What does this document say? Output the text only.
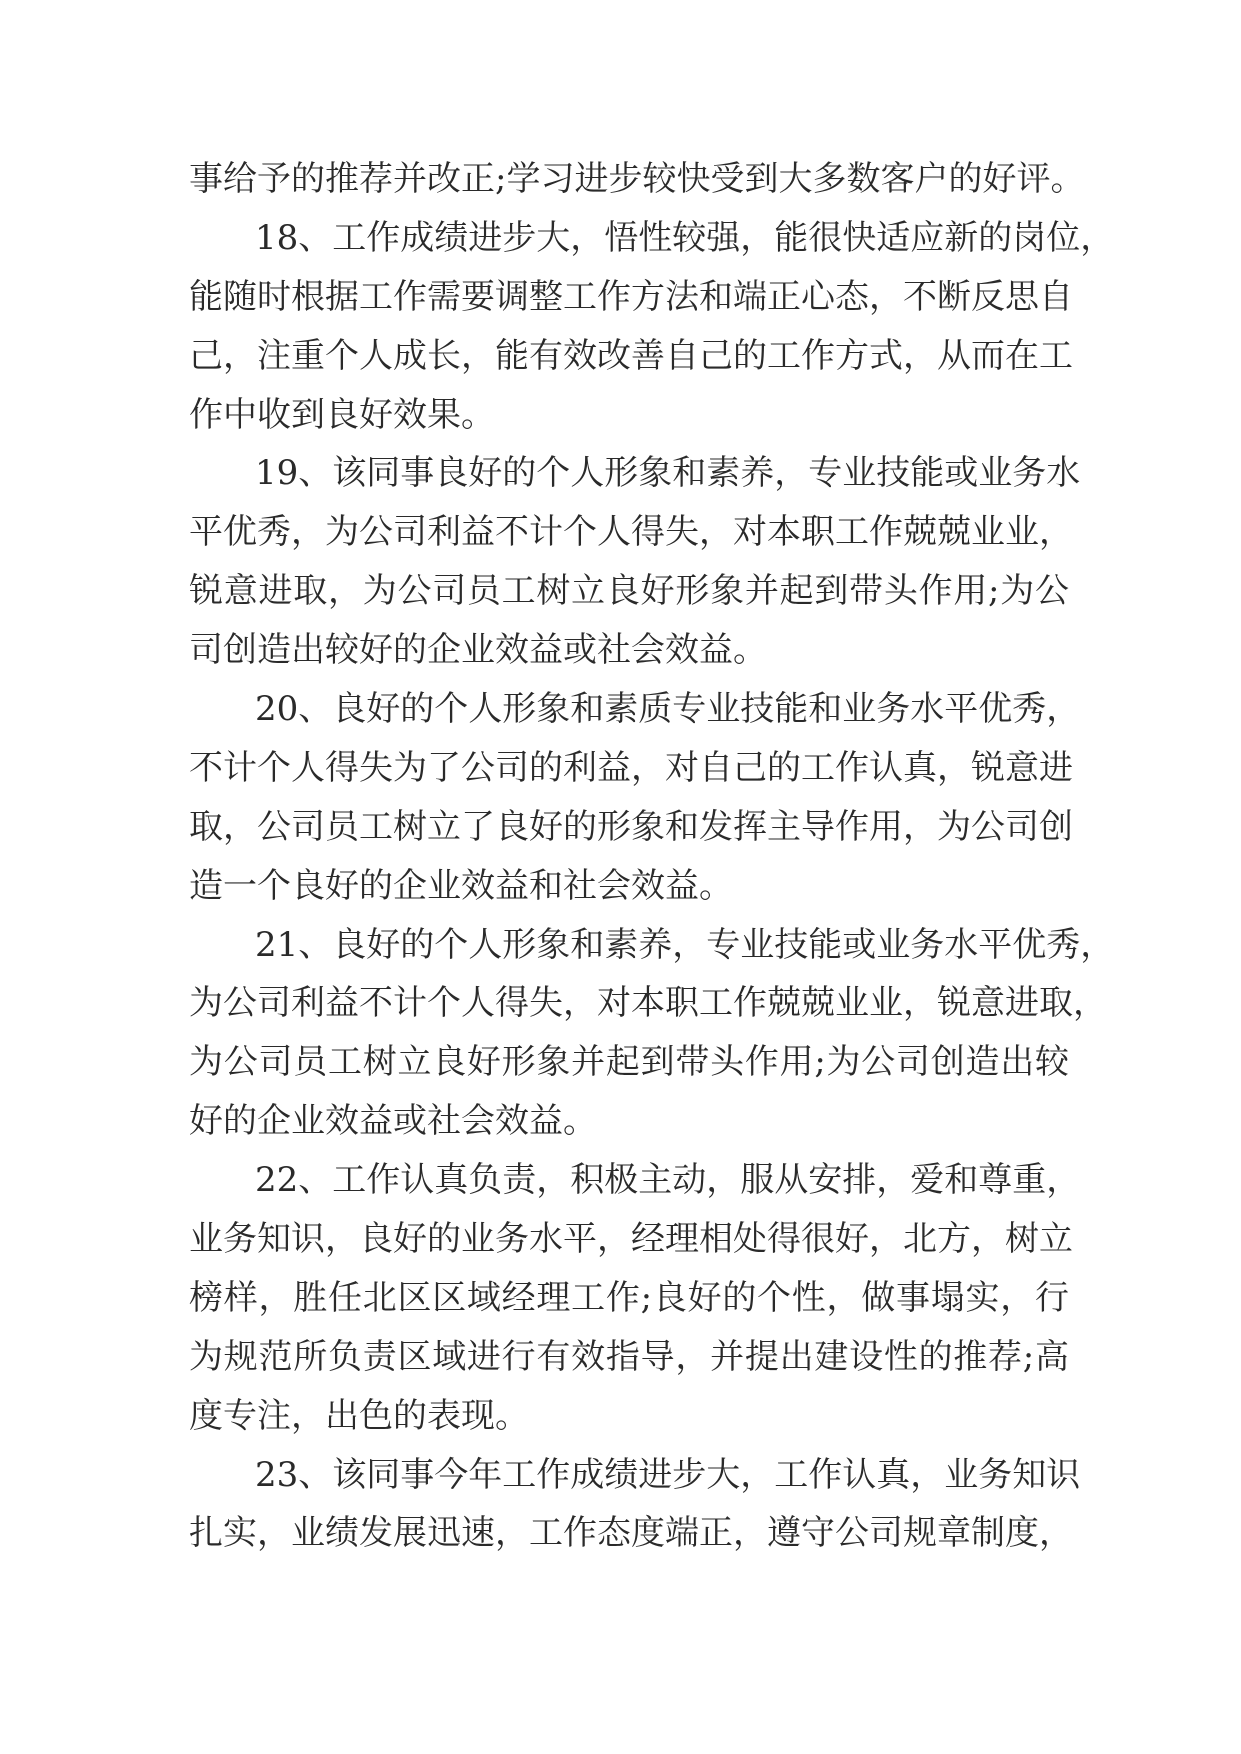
事给予的推荐并改正;学习进步较快受到大多数客户的好评。
18、工作成绩进步大，悟性较强，能很快适应新的岗位，
能随时根据工作需要调整工作方法和端正心态，不断反思自
己，注重个人成长，能有效改善自己的工作方式，从而在工
作中收到良好效果。
19、该同事良好的个人形象和素养，专业技能或业务水
平优秀，为公司利益不计个人得失，对本职工作兢兢业业，
锐意进取，为公司员工树立良好形象并起到带头作用;为公
司创造出较好的企业效益或社会效益。
20、良好的个人形象和素质专业技能和业务水平优秀，
不计个人得失为了公司的利益，对自己的工作认真，锐意进
取，公司员工树立了良好的形象和发挥主导作用，为公司创
造一个良好的企业效益和社会效益。
21、良好的个人形象和素养，专业技能或业务水平优秀，
为公司利益不计个人得失，对本职工作兢兢业业，锐意进取，
为公司员工树立良好形象并起到带头作用;为公司创造出较
好的企业效益或社会效益。
22、工作认真负责，积极主动，服从安排，爱和尊重，
业务知识，良好的业务水平，经理相处得很好，北方，树立
榜样，胜任北区区域经理工作;良好的个性，做事塌实，行
为规范所负责区域进行有效指导，并提出建设性的推荐;高
度专注，出色的表现。
23、该同事今年工作成绩进步大，工作认真，业务知识
扎实，业绩发展迅速，工作态度端正，遵守公司规章制度，
